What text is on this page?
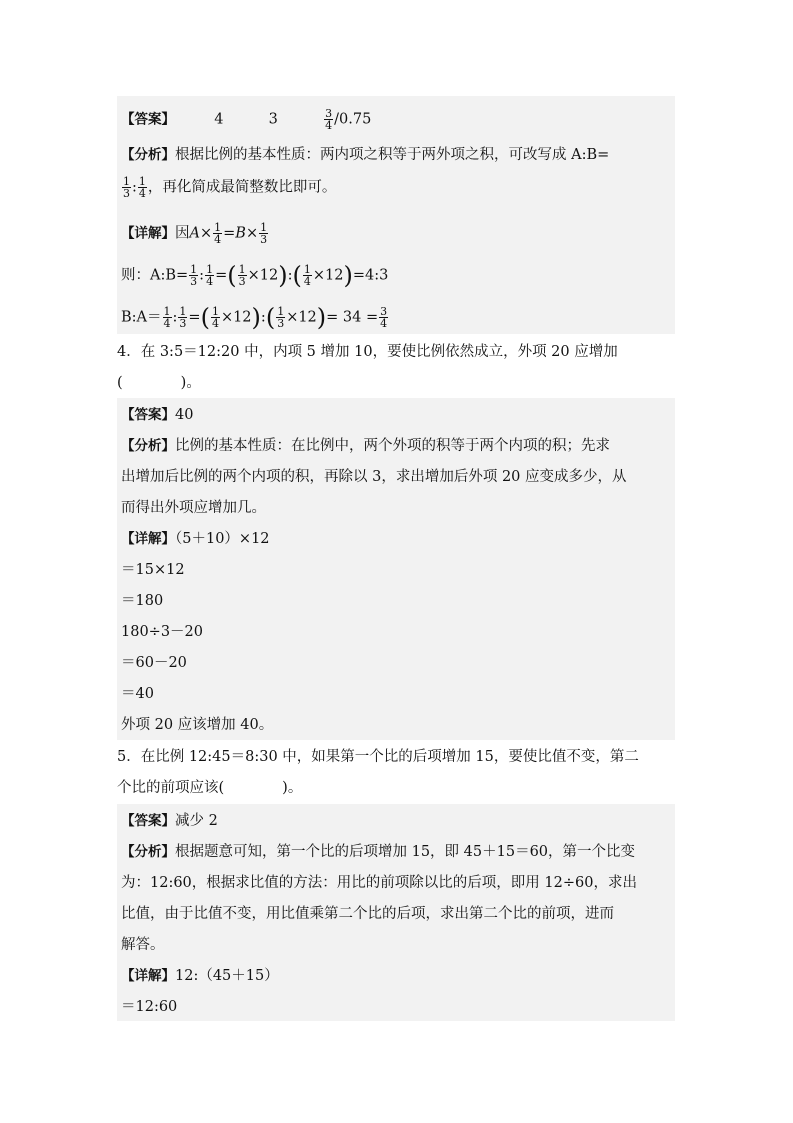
【答案】	4	3	$\frac{3}{4} /0.75$
【分析】根据比例的基本性质：两内项之积等于两外项之积，可改写成 A:B=
$\frac{1}{3}$ : $\frac{1}{4}$ ，再化简成最简整数比即可。
【详解】因$A\times \frac{1}{4} =B\times \frac{1}{3}$
则：A:B= $\frac{1}{3}$ : $\frac{1}{4}$ =( $\frac{1}{3}$ ×12):( $\frac{1}{4}$ ×12)=4:3
B:A＝ $\frac{1}{4}$ : $\frac{1}{3}$ =( $\frac{1}{4}$ ×12):( $\frac{1}{3} \times 12)= 34 = \frac{3}{4}$
4．在 3:5＝12:20 中，内项 5 增加 10，要使比例依然成立，外项 20 应增加
(　　　　)。
【答案】40
【分析】比例的基本性质：在比例中，两个外项的积等于两个内项的积；先求
出增加后比例的两个内项的积，再除以 3，求出增加后外项 20 应变成多少，从
而得出外项应增加几。
【详解】（5＋10）×12
＝15×12
＝180
180÷3－20
＝60－20
＝40
外项 20 应该增加 40。
5．在比例 12:45＝8:30 中，如果第一个比的后项增加 15，要使比值不变，第二
个比的前项应该(　　　　)。
【答案】减少 2
【分析】根据题意可知，第一个比的后项增加 15，即 45＋15＝60，第一个比变
为：12:60，根据求比值的方法：用比的前项除以比的后项，即用 12÷60，求出
比值，由于比值不变，用比值乘第二个比的后项，求出第二个比的前项，进而
解答。
【详解】12:（45＋15）
＝12:60
